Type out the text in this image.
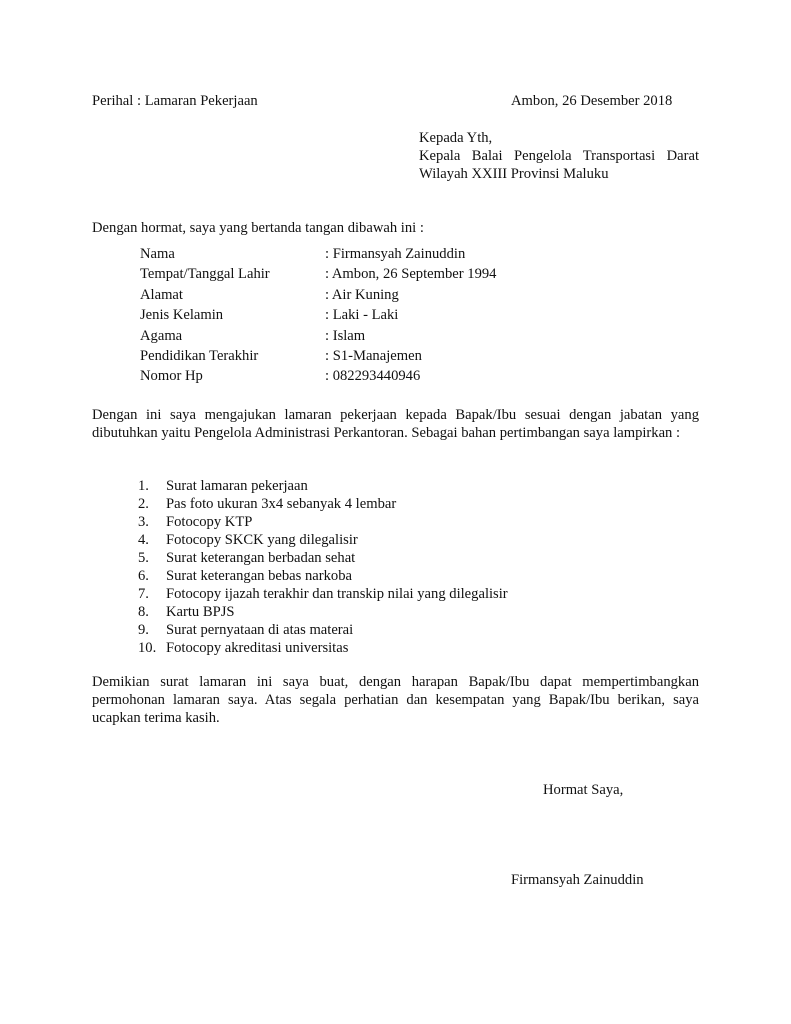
Perihal : Lamaran Pekerjaan	Ambon, 26 Desember 2018
Kepada Yth,
Kepala Balai Pengelola Transportasi Darat
Wilayah XXIII Provinsi Maluku
Dengan hormat, saya yang bertanda tangan dibawah ini :
Nama	: Firmansyah Zainuddin
Tempat/Tanggal Lahir	: Ambon, 26 September 1994
Alamat	: Air Kuning
Jenis Kelamin	: Laki - Laki
Agama	: Islam
Pendidikan Terakhir	: S1-Manajemen
Nomor Hp	: 082293440946
Dengan ini saya mengajukan lamaran pekerjaan kepada Bapak/Ibu sesuai dengan jabatan yang dibutuhkan yaitu Pengelola Administrasi Perkantoran. Sebagai bahan pertimbangan saya lampirkan :
1. Surat lamaran pekerjaan
2. Pas foto ukuran 3x4 sebanyak 4 lembar
3. Fotocopy KTP
4. Fotocopy SKCK yang dilegalisir
5. Surat keterangan berbadan sehat
6. Surat keterangan bebas narkoba
7. Fotocopy ijazah terakhir dan transkip nilai yang dilegalisir
8. Kartu BPJS
9. Surat pernyataan di atas materai
10. Fotocopy akreditasi universitas
Demikian surat lamaran ini saya buat, dengan harapan Bapak/Ibu dapat mempertimbangkan permohonan lamaran saya. Atas segala perhatian dan kesempatan yang Bapak/Ibu berikan, saya ucapkan terima kasih.
Hormat Saya,
Firmansyah Zainuddin
